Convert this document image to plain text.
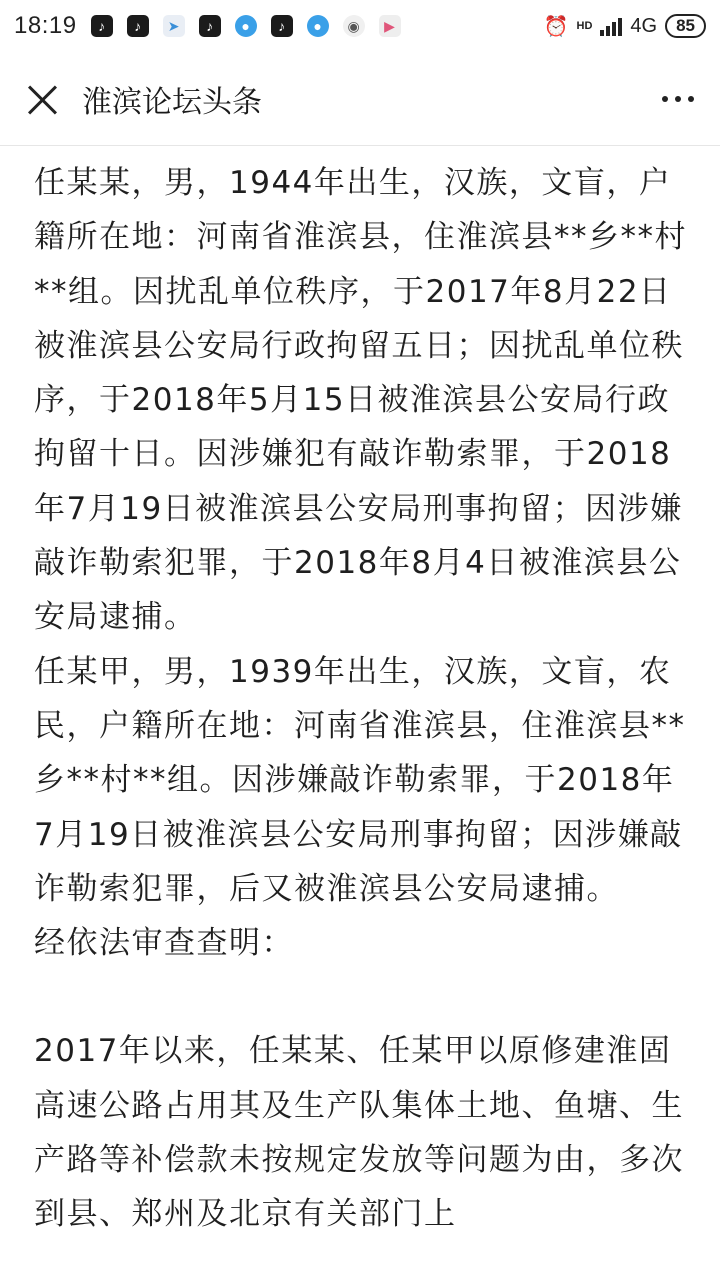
18:19	♪	♪	➤	♪	●	♪	●	◉	▶	⏰ HD 4G	85
淮滨论坛头条

任某某，男，1944年出生，汉族，文盲，户籍所在地：河南省淮滨县，住淮滨县**乡**村**组。因扰乱单位秩序，于2017年8月22日被淮滨县公安局行政拘留五日；因扰乱单位秩序，于2018年5月15日被淮滨县公安局行政拘留十日。因涉嫌犯有敲诈勒索罪，于2018年7月19日被淮滨县公安局刑事拘留；因涉嫌敲诈勒索犯罪，于2018年8月4日被淮滨县公安局逮捕。

任某甲，男，1939年出生，汉族，文盲，农民，户籍所在地：河南省淮滨县，住淮滨县**乡**村**组。因涉嫌敲诈勒索罪，于2018年7月19日被淮滨县公安局刑事拘留；因涉嫌敲诈勒索犯罪，后又被淮滨县公安局逮捕。

经依法审查查明：

2017年以来，任某某、任某甲以原修建淮固高速公路占用其及生产队集体土地、鱼塘、生产路等补偿款未按规定发放等问题为由，多次到县、郑州及北京有关部门上
